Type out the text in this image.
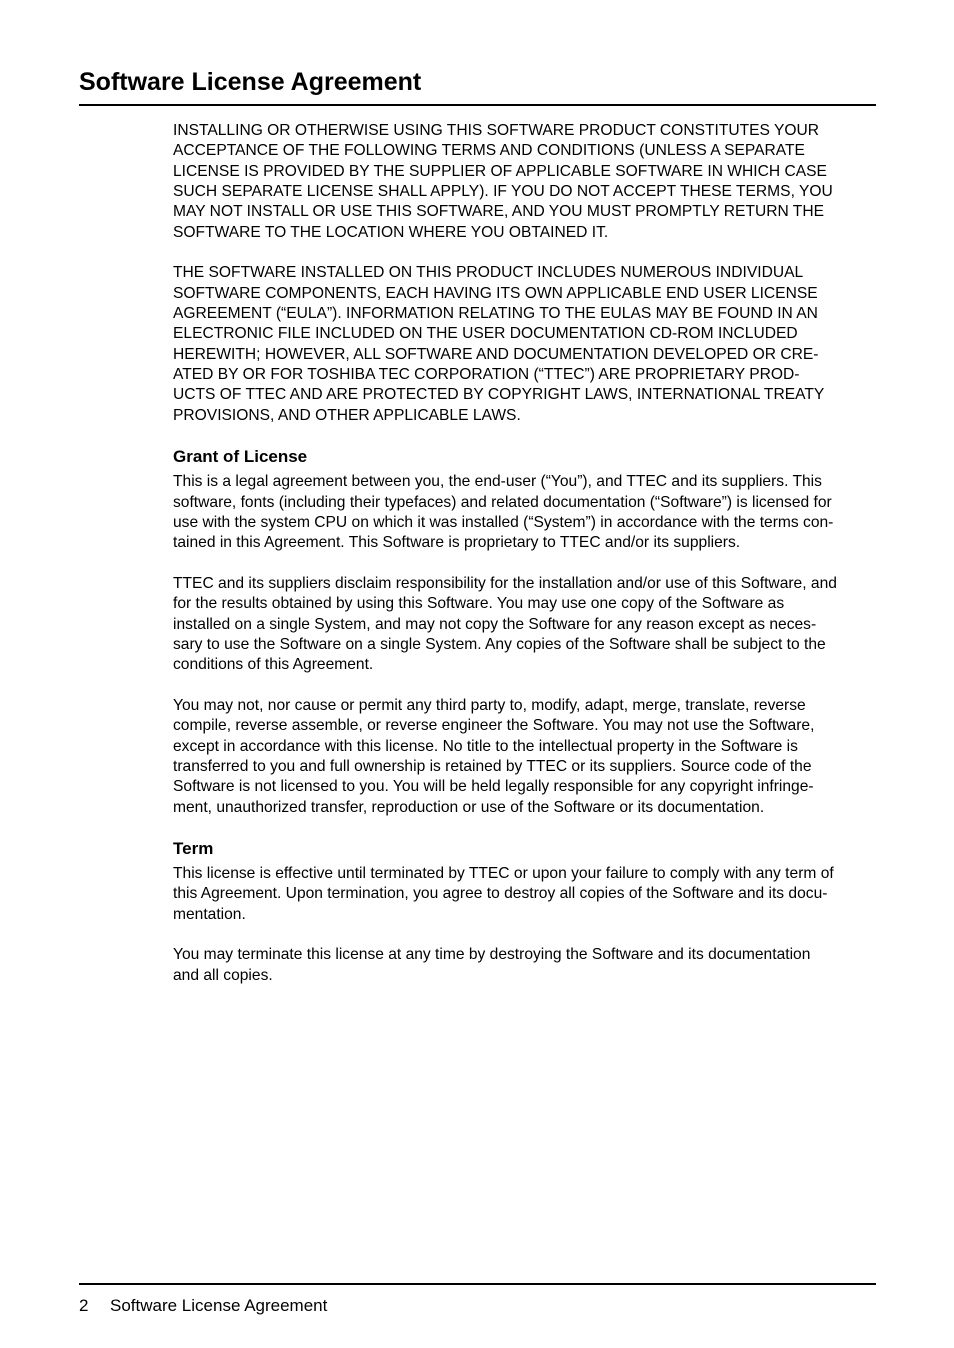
Software License Agreement

INSTALLING OR OTHERWISE USING THIS SOFTWARE PRODUCT CONSTITUTES YOUR
ACCEPTANCE OF THE FOLLOWING TERMS AND CONDITIONS (UNLESS A SEPARATE
LICENSE IS PROVIDED BY THE SUPPLIER OF APPLICABLE SOFTWARE IN WHICH CASE
SUCH SEPARATE LICENSE SHALL APPLY). IF YOU DO NOT ACCEPT THESE TERMS, YOU
MAY NOT INSTALL OR USE THIS SOFTWARE, AND YOU MUST PROMPTLY RETURN THE
SOFTWARE TO THE LOCATION WHERE YOU OBTAINED IT.

THE SOFTWARE INSTALLED ON THIS PRODUCT INCLUDES NUMEROUS INDIVIDUAL
SOFTWARE COMPONENTS, EACH HAVING ITS OWN APPLICABLE END USER LICENSE
AGREEMENT (“EULA”). INFORMATION RELATING TO THE EULAS MAY BE FOUND IN AN
ELECTRONIC FILE INCLUDED ON THE USER DOCUMENTATION CD-ROM INCLUDED
HEREWITH; HOWEVER, ALL SOFTWARE AND DOCUMENTATION DEVELOPED OR CRE-
ATED BY OR FOR TOSHIBA TEC CORPORATION (“TTEC”) ARE PROPRIETARY PROD-
UCTS OF TTEC AND ARE PROTECTED BY COPYRIGHT LAWS, INTERNATIONAL TREATY
PROVISIONS, AND OTHER APPLICABLE LAWS.

Grant of License

This is a legal agreement between you, the end-user (“You”), and TTEC and its suppliers. This
software, fonts (including their typefaces) and related documentation (“Software”) is licensed for
use with the system CPU on which it was installed (“System”) in accordance with the terms con-
tained in this Agreement. This Software is proprietary to TTEC and/or its suppliers.

TTEC and its suppliers disclaim responsibility for the installation and/or use of this Software, and
for the results obtained by using this Software. You may use one copy of the Software as
installed on a single System, and may not copy the Software for any reason except as neces-
sary to use the Software on a single System. Any copies of the Software shall be subject to the
conditions of this Agreement.

You may not, nor cause or permit any third party to, modify, adapt, merge, translate, reverse
compile, reverse assemble, or reverse engineer the Software. You may not use the Software,
except in accordance with this license. No title to the intellectual property in the Software is
transferred to you and full ownership is retained by TTEC or its suppliers. Source code of the
Software is not licensed to you. You will be held legally responsible for any copyright infringe-
ment, unauthorized transfer, reproduction or use of the Software or its documentation.

Term

This license is effective until terminated by TTEC or upon your failure to comply with any term of
this Agreement. Upon termination, you agree to destroy all copies of the Software and its docu-
mentation.

You may terminate this license at any time by destroying the Software and its documentation
and all copies.

2 Software License Agreement
